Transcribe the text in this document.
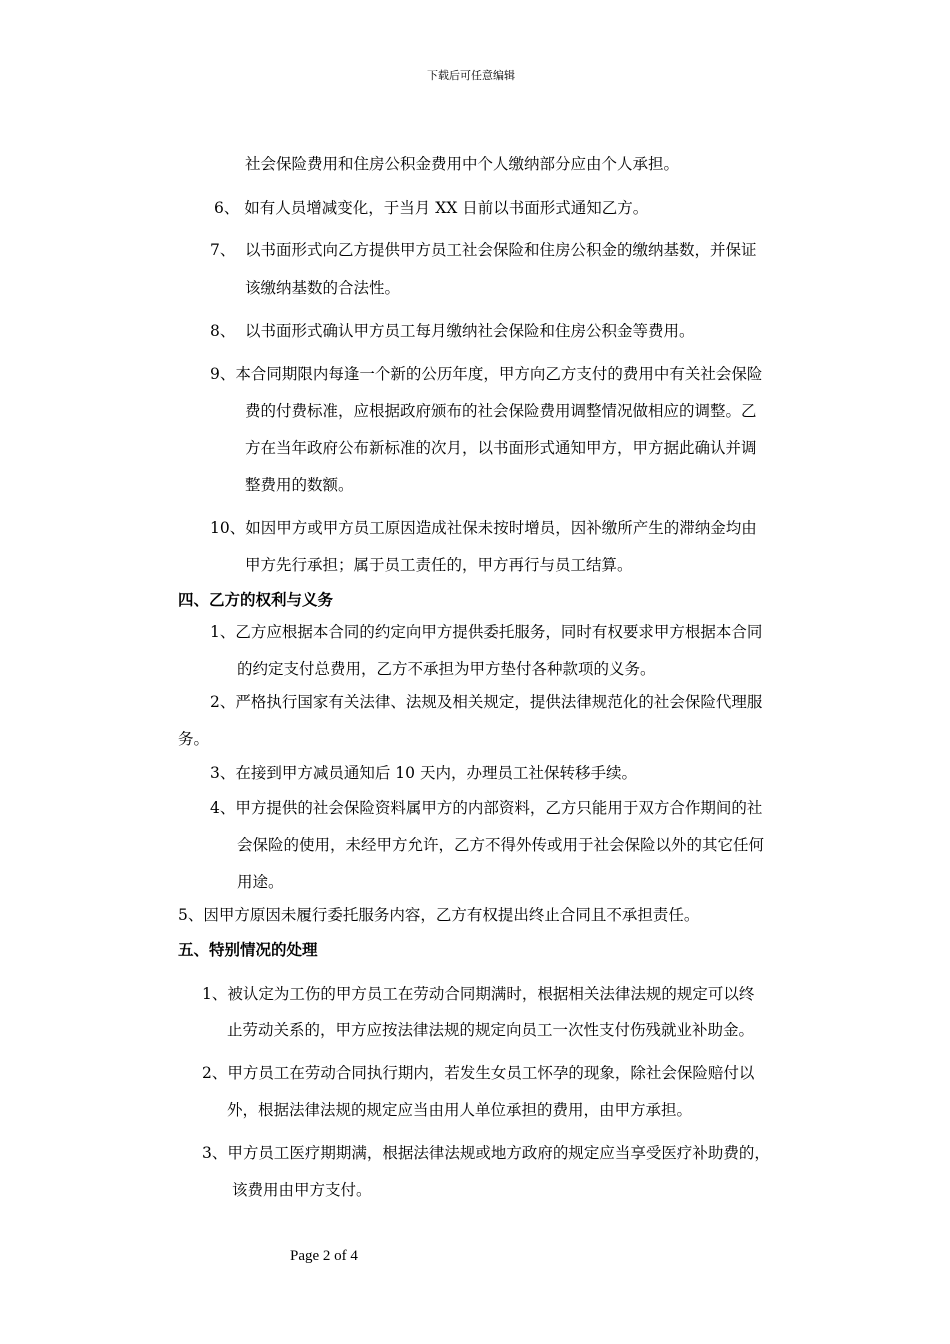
下载后可任意编辑
社会保险费用和住房公积金费用中个人缴纳部分应由个人承担。
6、 如有人员增减变化，于当月 XX 日前以书面形式通知乙方。
7、 以书面形式向乙方提供甲方员工社会保险和住房公积金的缴纳基数，并保证
该缴纳基数的合法性。
8、 以书面形式确认甲方员工每月缴纳社会保险和住房公积金等费用。
9、本合同期限内每逢一个新的公历年度，甲方向乙方支付的费用中有关社会保险
费的付费标准，应根据政府颁布的社会保险费用调整情况做相应的调整。乙
方在当年政府公布新标准的次月，以书面形式通知甲方，甲方据此确认并调
整费用的数额。
10、如因甲方或甲方员工原因造成社保未按时增员，因补缴所产生的滞纳金均由
甲方先行承担；属于员工责任的，甲方再行与员工结算。
四、乙方的权利与义务
1、乙方应根据本合同的约定向甲方提供委托服务，同时有权要求甲方根据本合同
的约定支付总费用，乙方不承担为甲方垫付各种款项的义务。
2、严格执行国家有关法律、法规及相关规定，提供法律规范化的社会保险代理服
务。
3、在接到甲方减员通知后 10 天内，办理员工社保转移手续。
4、甲方提供的社会保险资料属甲方的内部资料，乙方只能用于双方合作期间的社
会保险的使用，未经甲方允许，乙方不得外传或用于社会保险以外的其它任何
用途。
5、因甲方原因未履行委托服务内容，乙方有权提出终止合同且不承担责任。
五、特别情况的处理
1、被认定为工伤的甲方员工在劳动合同期满时，根据相关法律法规的规定可以终
止劳动关系的，甲方应按法律法规的规定向员工一次性支付伤残就业补助金。
2、甲方员工在劳动合同执行期内，若发生女员工怀孕的现象，除社会保险赔付以
外，根据法律法规的规定应当由用人单位承担的费用，由甲方承担。
3、甲方员工医疗期期满，根据法律法规或地方政府的规定应当享受医疗补助费的，
该费用由甲方支付。
Page 2 of 4
